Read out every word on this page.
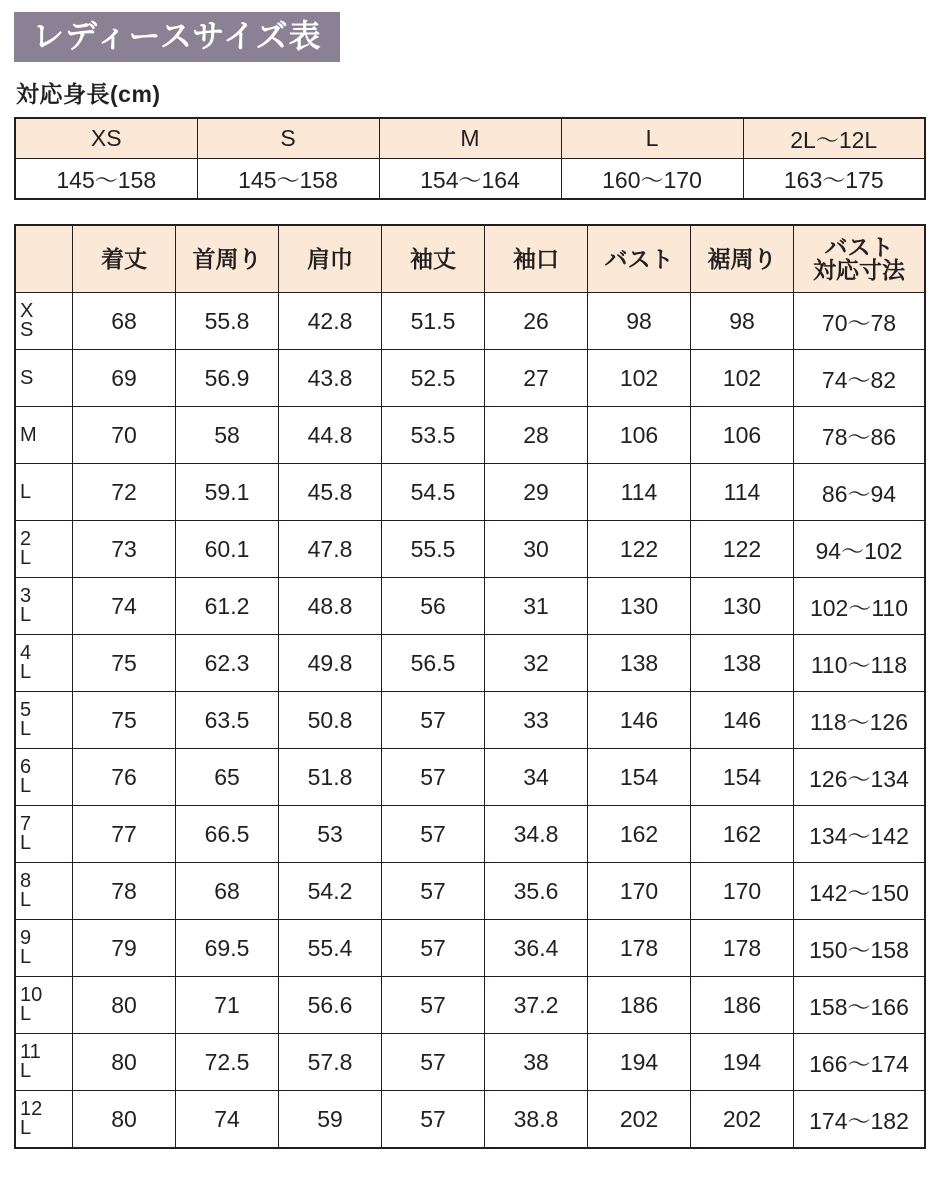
レディースサイズ表
対応身長(cm)
XS	S	M	L	2L〜12L
145〜158	145〜158	154〜164	160〜170	163〜175
	着丈	首周り	肩巾	袖丈	袖口	バスト	裾周り	バスト
対応寸法

X
S	68	55.8	42.8	51.5	26	98	98	70〜78

S	69	56.9	43.8	52.5	27	102	102	74〜82

M	70	58	44.8	53.5	28	106	106	78〜86

L	72	59.1	45.8	54.5	29	114	114	86〜94

2
L	73	60.1	47.8	55.5	30	122	122	94〜102

3
L	74	61.2	48.8	56	31	130	130	102〜110

4
L	75	62.3	49.8	56.5	32	138	138	110〜118

5
L	75	63.5	50.8	57	33	146	146	118〜126

6
L	76	65	51.8	57	34	154	154	126〜134

7
L	77	66.5	53	57	34.8	162	162	134〜142

8
L	78	68	54.2	57	35.6	170	170	142〜150

9
L	79	69.5	55.4	57	36.4	178	178	150〜158

10
L	80	71	56.6	57	37.2	186	186	158〜166

11
L	80	72.5	57.8	57	38	194	194	166〜174

12
L	80	74	59	57	38.8	202	202	174〜182
